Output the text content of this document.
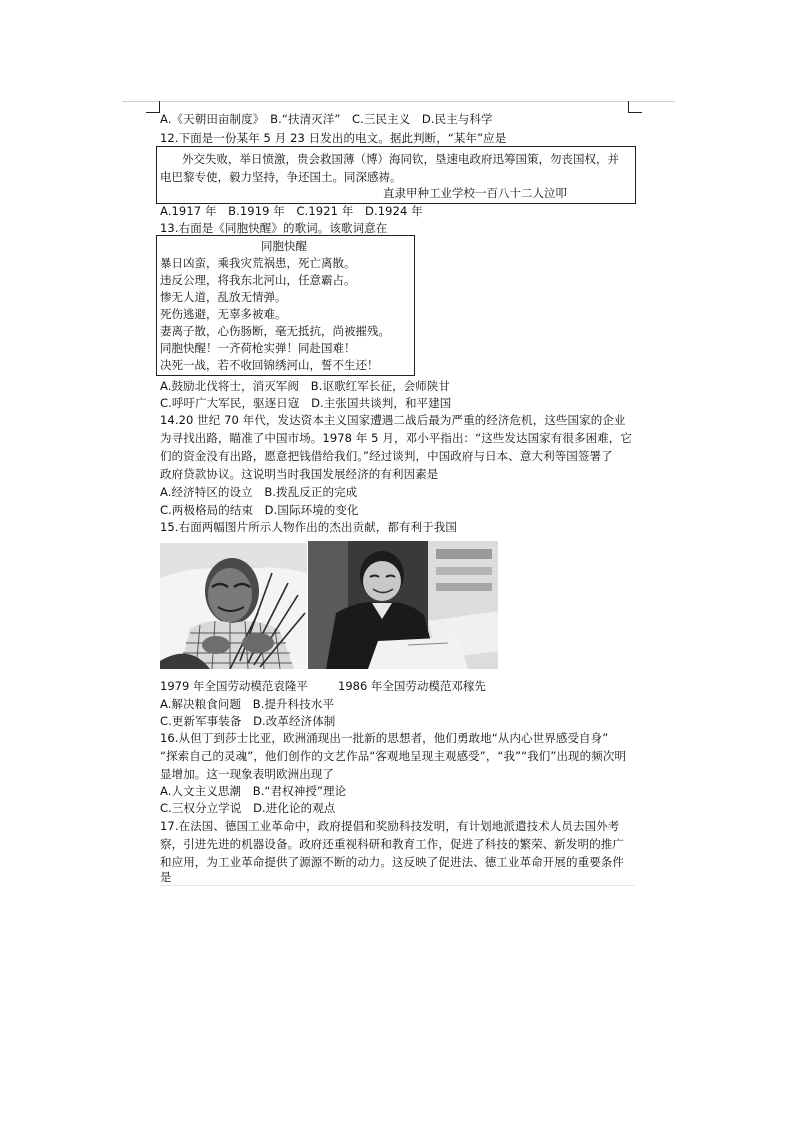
A.《天朝田亩制度》　B.“扶清灭洋”　C.三民主义　D.民主与科学
12.下面是一份某年 5 月 23 日发出的电文。据此判断，“某年”应是
外交失败，举日愤激，贵会救国薄（博）海同钦，垦速电政府迅筹国策，勿丧国权，并
电巴黎专使，毅力坚持，争还国土。同深感祷。
直隶甲种工业学校一百八十二人泣叩
A.1917 年　B.1919 年　C.1921 年　D.1924 年
13.右面是《同胞快醒》的歌词。该歌词意在
同胞快醒
暴日凶蛮，乘我灾荒祸患，死亡离散。
违反公理，将我东北河山，任意霸占。
惨无人道，乱放无情弹。
死伤逃避，无辜多被难。
妻离子散，心伤肠断，毫无抵抗，尚被摧残。
同胞快醒！一齐荷枪实弹！同赴国难！
决死一战，若不收回锦绣河山，誓不生还！
A.鼓励北伐将士，消灭军阀　B.讴歌红军长征，会师陕甘
C.呼吁广大军民，驱逐日寇　D.主张国共谈判，和平建国
14.20 世纪 70 年代，发达资本主义国家遭遇二战后最为严重的经济危机，这些国家的企业
为寻找出路，瞄准了中国市场。1978 年 5 月，邓小平指出：“这些发达国家有很多困难，它
们的资金没有出路，愿意把钱借给我们。”经过谈判，中国政府与日本、意大利等国签署了
政府贷款协议。这说明当时我国发展经济的有利因素是
A.经济特区的设立　B.拨乱反正的完成
C.两极格局的结束　D.国际环境的变化
15.右面两幅图片所示人物作出的杰出贡献，都有利于我国
1979 年全国劳动模范袁隆平	1986 年全国劳动模范邓稼先
A.解决粮食问题　B.提升科技水平
C.更新军事装备　D.改革经济体制
16.从但丁到莎士比亚，欧洲涌现出一批新的思想者，他们勇敢地“从内心世界感受自身”
“探索自己的灵魂”，他们创作的文艺作品“客观地呈现主观感受”，“我”“我们”出现的频次明
显增加。这一现象表明欧洲出现了
A.人文主义思潮　B.“君权神授”理论
C.三权分立学说　D.进化论的观点
17.在法国、德国工业革命中，政府提倡和奖励科技发明，有计划地派遣技术人员去国外考
察，引进先进的机器设备。政府还重视科研和教育工作，促进了科技的繁荣、新发明的推广
和应用，为工业革命提供了源源不断的动力。这反映了促进法、德工业革命开展的重要条件
是
